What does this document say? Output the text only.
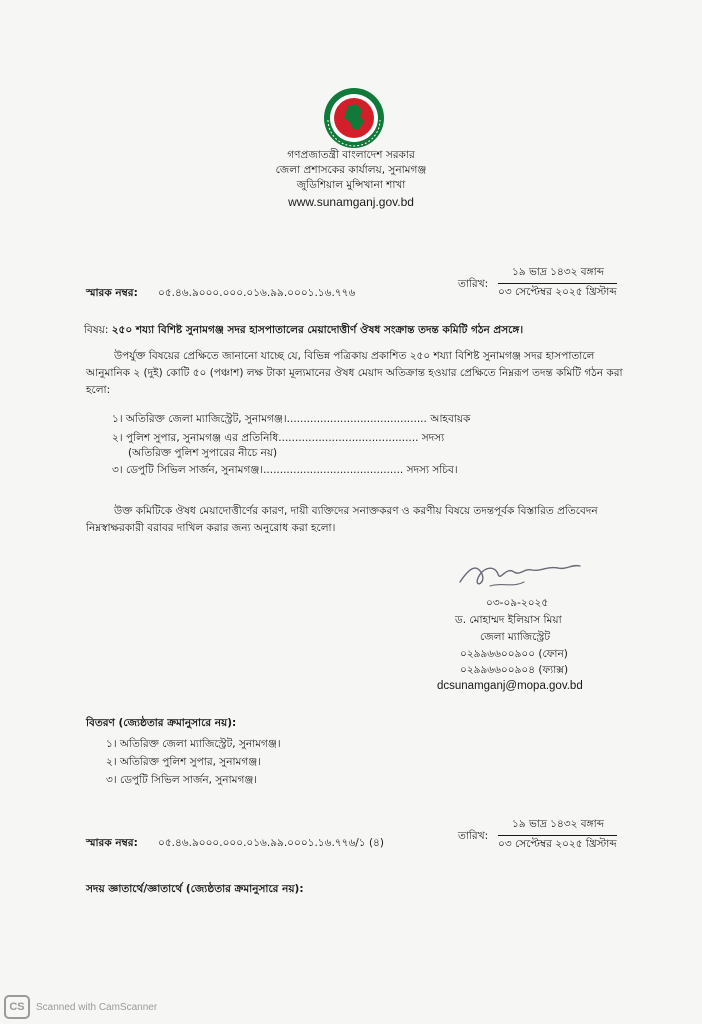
গণপ্রজাতন্ত্রী বাংলাদেশ সরকার
জেলা প্রশাসকের কার্যালয়, সুনামগঞ্জ
জুডিশিয়াল মুন্সিখানা শাখা
www.sunamganj.gov.bd
স্মারক নম্বর: ০৫.৪৬.৯০০০.০০০.০১৬.৯৯.০০০১.১৬.৭৭৬
তারিখ:
১৯ ভাদ্র ১৪৩২ বঙ্গাব্দ
০৩ সেপ্টেম্বর ২০২৫ খ্রিস্টাব্দ
বিষয়: ২৫০ শয্যা বিশিষ্ট সুনামগঞ্জ সদর হাসপাতালের মেয়াদোত্তীর্ণ ঔষধ সংক্রান্ত তদন্ত কমিটি গঠন প্রসঙ্গে।
উপর্যুক্ত বিষয়ের প্রেক্ষিতে জানানো যাচ্ছে যে, বিভিন্ন পত্রিকায় প্রকাশিত ২৫০ শয্যা বিশিষ্ট সুনামগঞ্জ সদর হাসপাতালে আনুমানিক ২ (দুই) কোটি ৫০ (পঞ্চাশ) লক্ষ টাকা মূল্যমানের ঔষধ মেয়াদ অতিক্রান্ত হওয়ার প্রেক্ষিতে নিম্নরূপ তদন্ত কমিটি গঠন করা হলো:
১। অতিরিক্ত জেলা ম্যাজিস্ট্রেট, সুনামগঞ্জ।.......................................... আহবায়ক
২। পুলিশ সুপার, সুনামগঞ্জ এর প্রতিনিধি.......................................... সদস্য
(অতিরিক্ত পুলিশ সুপারের নীচে নয়)
৩। ডেপুটি সিভিল সার্জন, সুনামগঞ্জ।.......................................... সদস্য সচিব।
উক্ত কমিটিকে ঔষধ মেয়াদোত্তীর্ণের কারণ, দায়ী ব্যক্তিদের সনাক্তকরণ ও করণীয় বিষয়ে তদন্তপূর্বক বিস্তারিত প্রতিবেদন নিম্নস্বাক্ষরকারী বরাবর দাখিল করার জন্য অনুরোধ করা হলো।
০৩-০৯-২০২৫
ড. মোহাম্মদ ইলিয়াস মিয়া
জেলা ম্যাজিস্ট্রেট
০২৯৯৬৬০০৯০০ (ফোন)
০২৯৯৬৬০০৯০৪ (ফ্যাক্স)
dcsunamganj@mopa.gov.bd
বিতরণ (জ্যেষ্ঠতার ক্রমানুসারে নয়):
১। অতিরিক্ত জেলা ম্যাজিস্ট্রেট, সুনামগঞ্জ।
২। অতিরিক্ত পুলিশ সুপার, সুনামগঞ্জ।
৩। ডেপুটি সিভিল সার্জন, সুনামগঞ্জ।
স্মারক নম্বর: ০৫.৪৬.৯০০০.০০০.০১৬.৯৯.০০০১.১৬.৭৭৬/১ (৪)
তারিখ:
১৯ ভাদ্র ১৪৩২ বঙ্গাব্দ
০৩ সেপ্টেম্বর ২০২৫ খ্রিস্টাব্দ
সদয় জ্ঞাতার্থে/জ্ঞাতার্থে (জ্যেষ্ঠতার ক্রমানুসারে নয়):
CS	Scanned with CamScanner
